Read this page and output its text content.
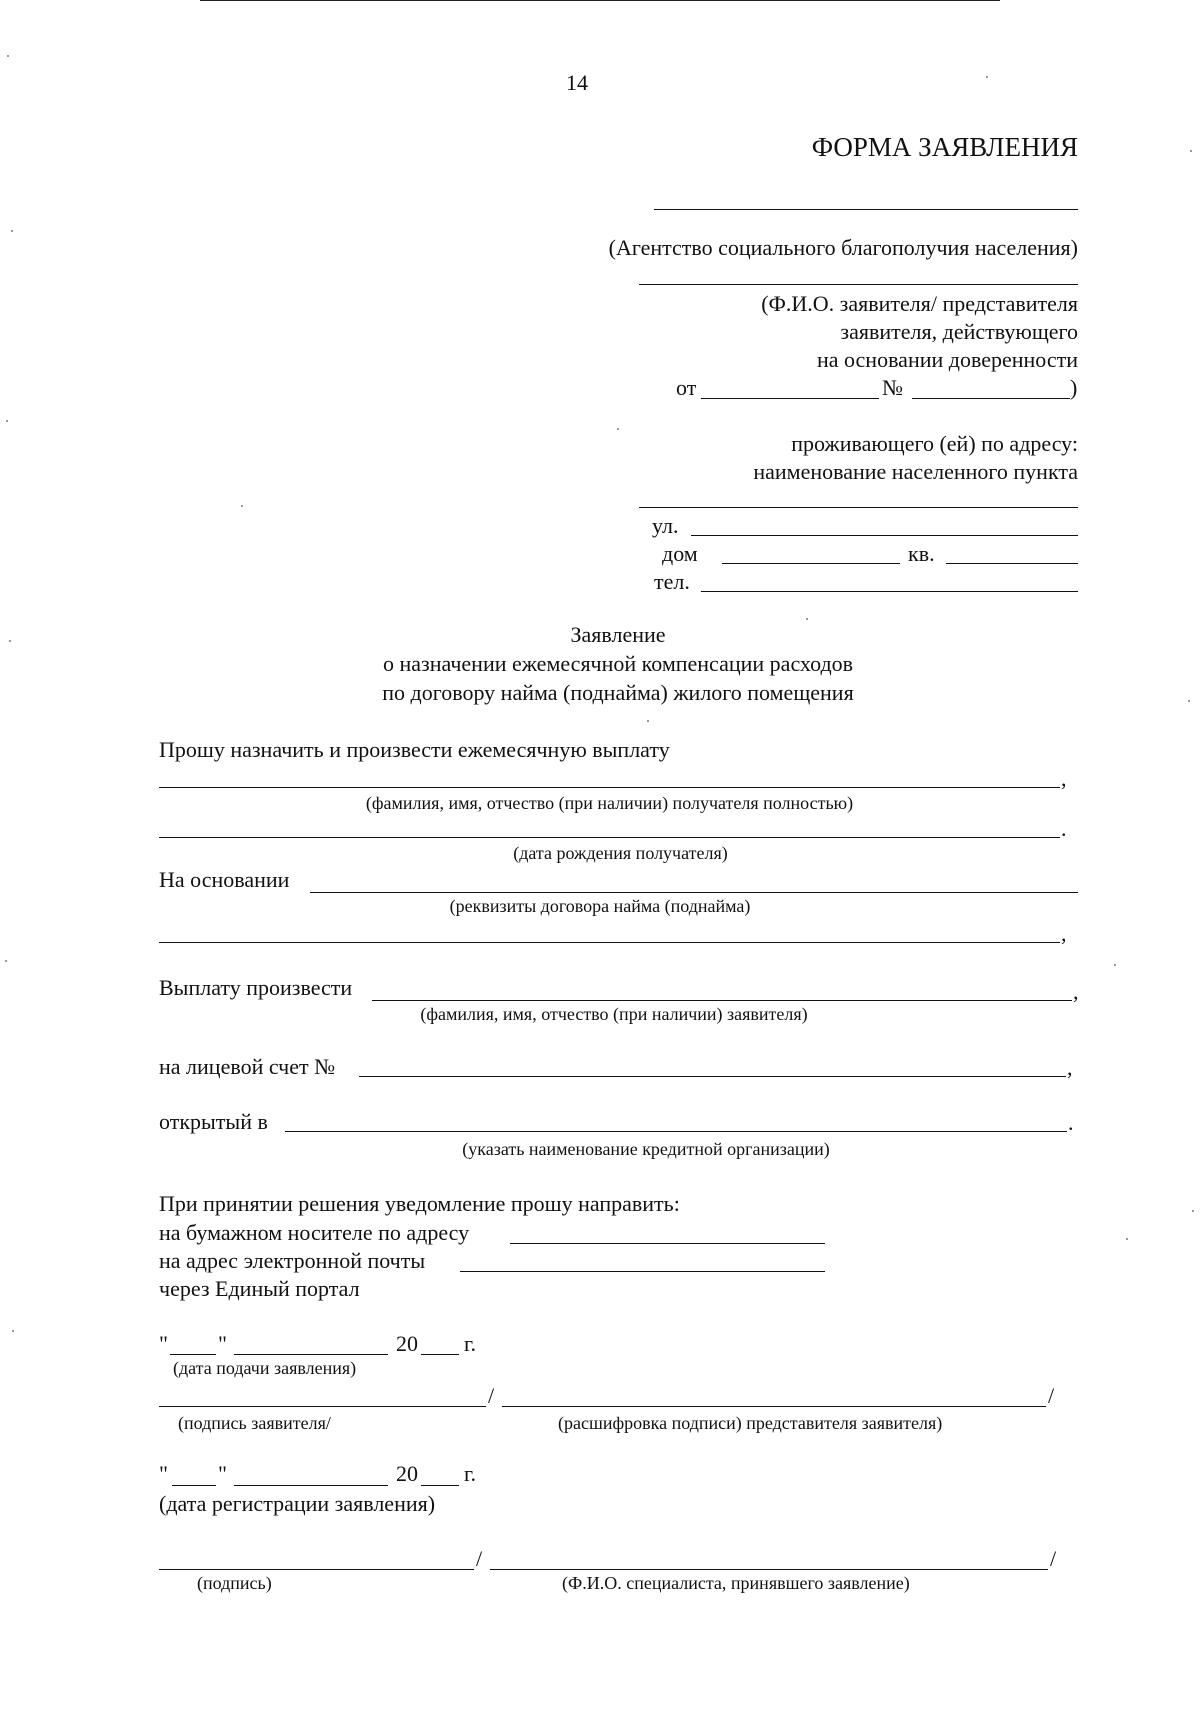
14
ФОРМА ЗАЯВЛЕНИЯ
(Агентство социального благополучия населения)
(Ф.И.О. заявителя/ представителя
заявителя, действующего
на основании доверенности
от	№	)
проживающего (ей) по адресу:
наименование населенного пункта
ул.
дом	кв.
тел.
Заявление
о назначении ежемесячной компенсации расходов
по договору найма (поднайма) жилого помещения
Прошу назначить и произвести ежемесячную выплату
,
(фамилия, имя, отчество (при наличии) получателя полностью)
.
(дата рождения получателя)
На основании
(реквизиты договора найма (поднайма)
,
Выплату произвести	,
(фамилия, имя, отчество (при наличии) заявителя)
на лицевой счет №	,
открытый в	.
(указать наименование кредитной организации)
При принятии решения уведомление прошу направить:
на бумажном носителе по адресу
на адрес электронной почты
через Единый портал
" "	20 г.
(дата подачи заявления)
/	/
(подпись заявителя/	(расшифровка подписи) представителя заявителя)
" "	20 г.
(дата регистрации заявления)
/	/
(подпись)	(Ф.И.О. специалиста, принявшего заявление)
